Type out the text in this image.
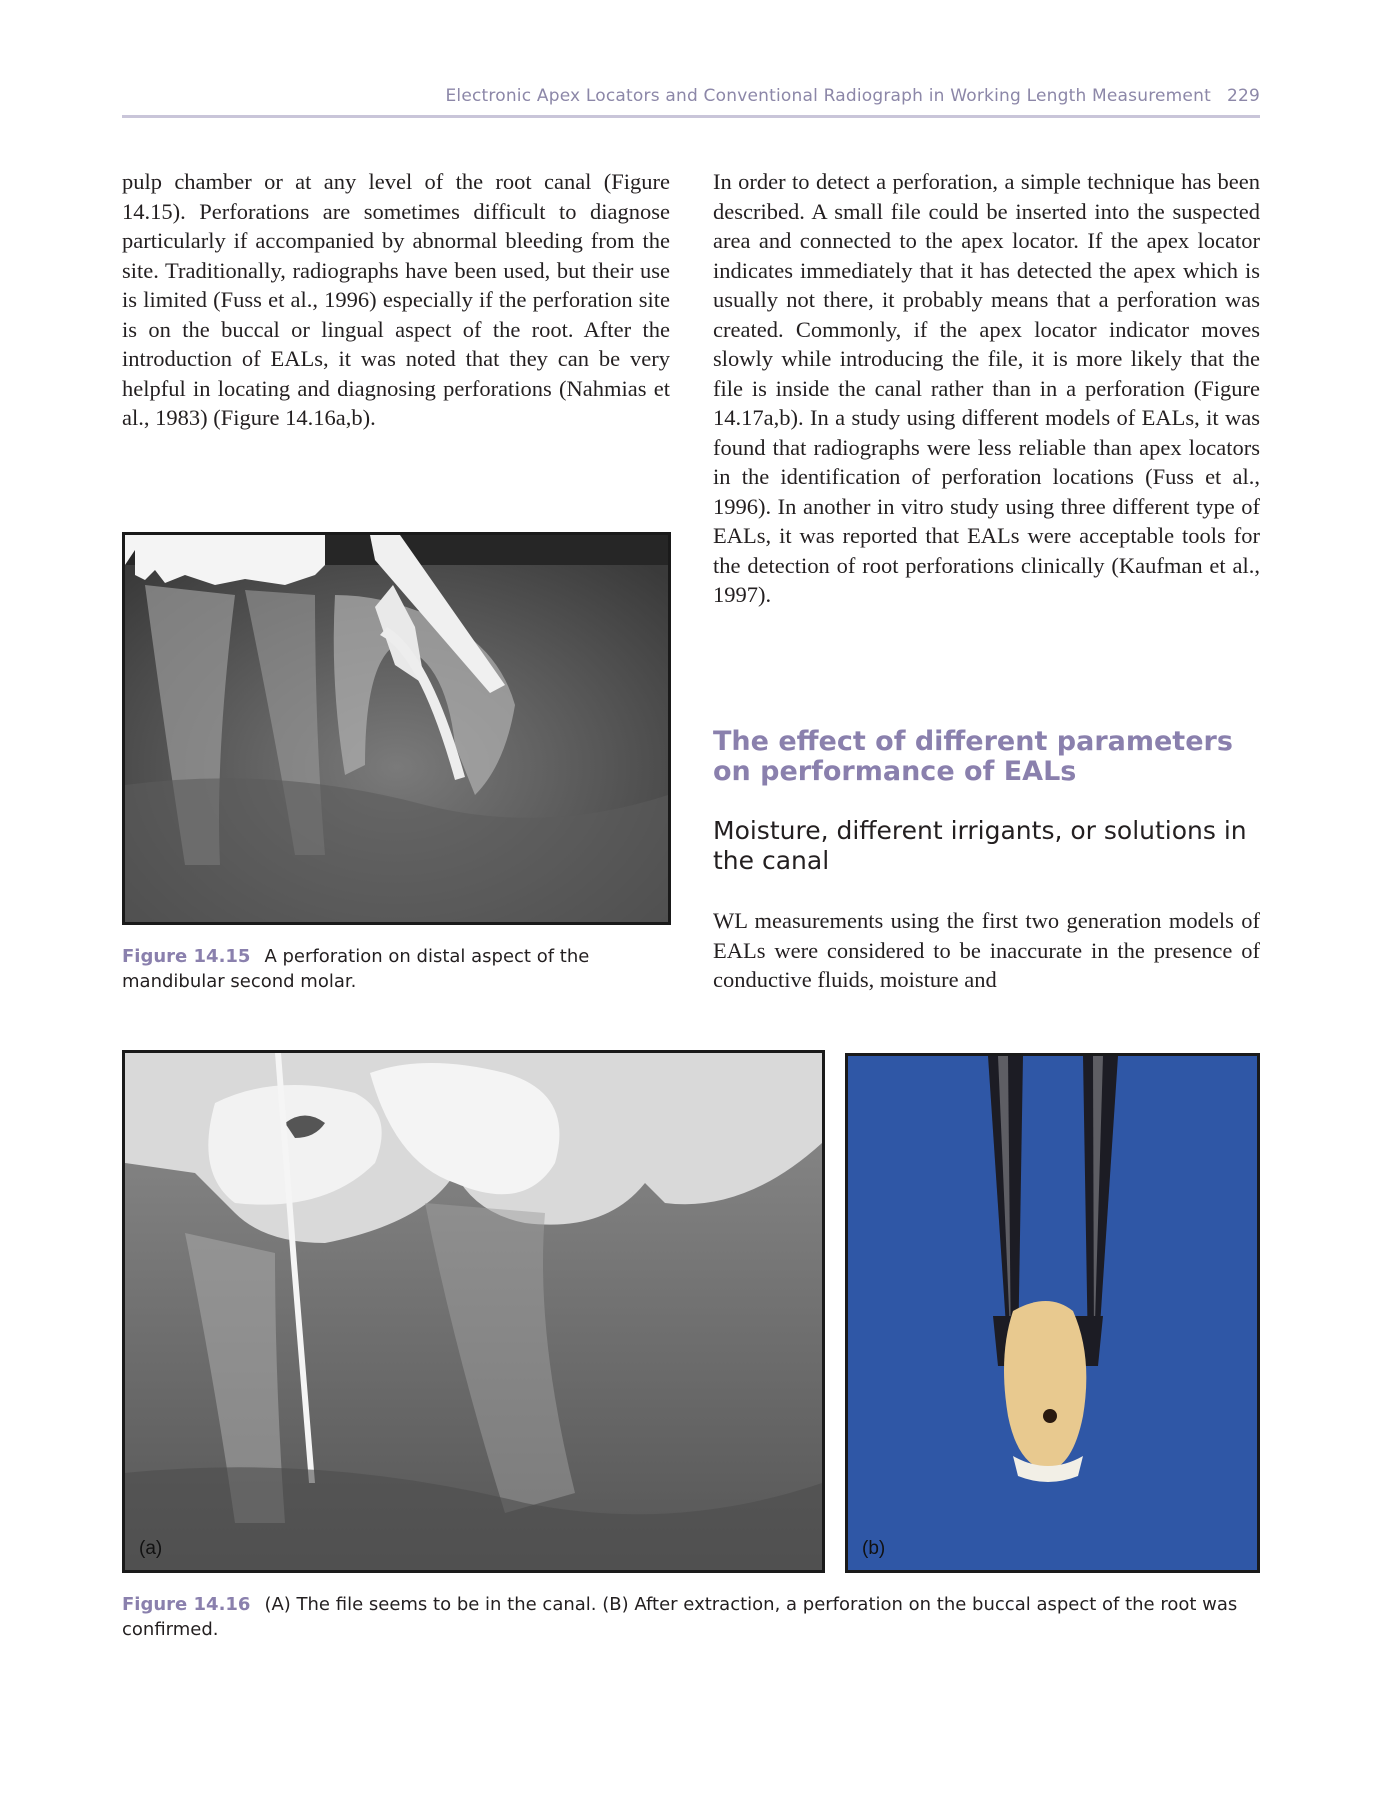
Electronic Apex Locators and Conventional Radiograph in Working Length Measurement 229

pulp chamber or at any level of the root canal (Figure 14.15). Perforations are sometimes difficult to diagnose particularly if accompanied by abnormal bleeding from the site. Traditionally, radiographs have been used, but their use is limited (Fuss et al., 1996) especially if the perforation site is on the buccal or lingual aspect of the root. After the introduction of EALs, it was noted that they can be very helpful in locating and diagnosing perforations (Nahmias et al., 1983) (Figure 14.16a,b).

In order to detect a perforation, a simple technique has been described. A small file could be inserted into the suspected area and connected to the apex locator. If the apex locator indicates immediately that it has detected the apex which is usually not there, it probably means that a perforation was created. Commonly, if the apex locator indicator moves slowly while introducing the file, it is more likely that the file is inside the canal rather than in a perforation (Figure 14.17a,b). In a study using different models of EALs, it was found that radiographs were less reliable than apex locators in the identification of perforation locations (Fuss et al., 1996). In another in vitro study using three different type of EALs, it was reported that EALs were acceptable tools for the detection of root perforations clinically (Kaufman et al., 1997).

The effect of different parameters on performance of EALs
Moisture, different irrigants, or solutions in the canal

WL measurements using the first two generation models of EALs were considered to be inaccurate in the presence of conductive fluids, moisture and

Figure 14.15 A perforation on distal aspect of the mandibular second molar.
(a)	(b)
Figure 14.16 (A) The file seems to be in the canal. (B) After extraction, a perforation on the buccal aspect of the root was confirmed.
